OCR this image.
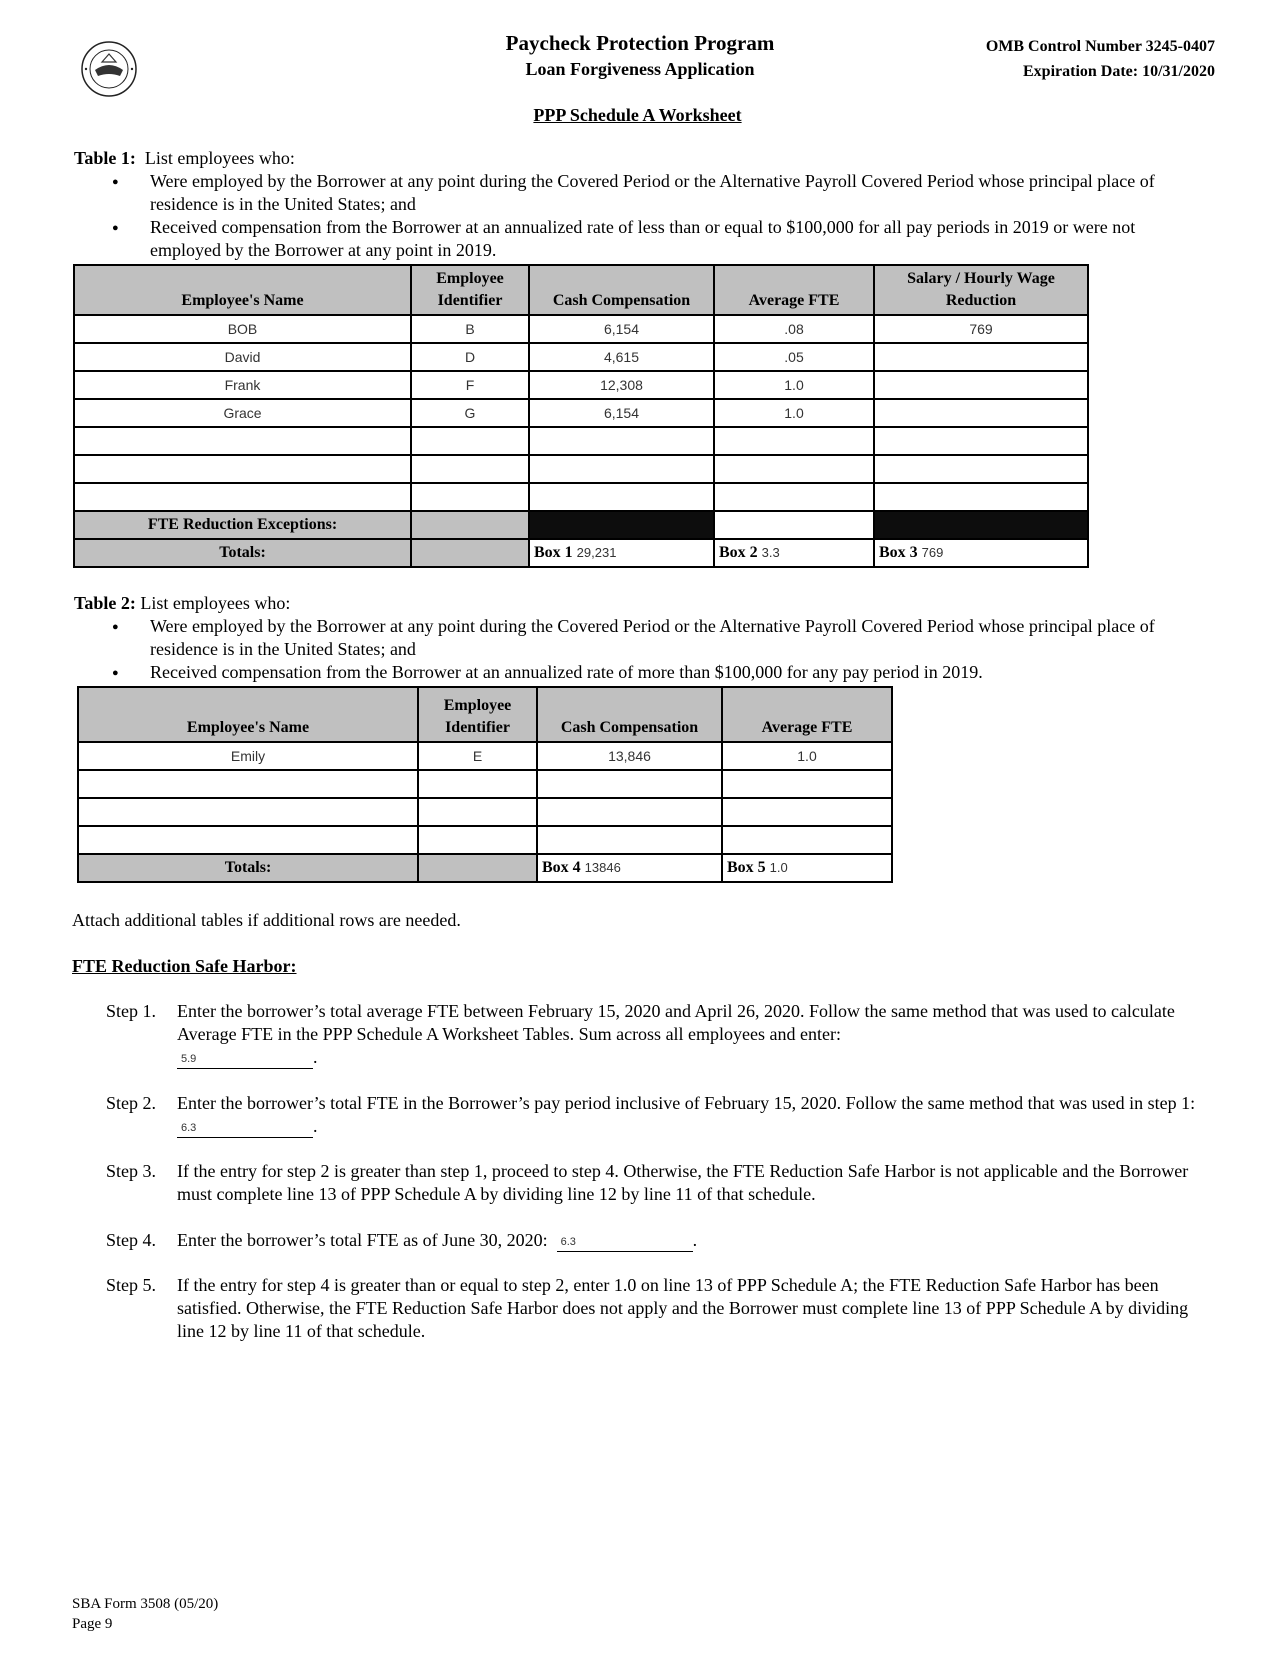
Paycheck Protection Program
Loan Forgiveness Application
OMB Control Number 3245-0407
Expiration Date: 10/31/2020
PPP Schedule A Worksheet
Table 1: List employees who:
● Were employed by the Borrower at any point during the Covered Period or the Alternative Payroll Covered Period whose principal place of residence is in the United States; and
● Received compensation from the Borrower at an annualized rate of less than or equal to $100,000 for all pay periods in 2019 or were not employed by the Borrower at any point in 2019.
Employee's Name	Employee Identifier	Cash Compensation	Average FTE	Salary / Hourly Wage Reduction
BOB	B	6,154	.08	769
David	D	4,615	.05	
Frank	F	12,308	1.0	
Grace	G	6,154	1.0	

FTE Reduction Exceptions:				
Totals:		Box 1 29,231	Box 2 3.3	Box 3 769
Table 2: List employees who:
● Were employed by the Borrower at any point during the Covered Period or the Alternative Payroll Covered Period whose principal place of residence is in the United States; and
● Received compensation from the Borrower at an annualized rate of more than $100,000 for any pay period in 2019.
Employee's Name	Employee Identifier	Cash Compensation	Average FTE
Emily	E	13,846	1.0

Totals:		Box 4 13846	Box 5 1.0
Attach additional tables if additional rows are needed.
FTE Reduction Safe Harbor:
Step 1.	Enter the borrower’s total average FTE between February 15, 2020 and April 26, 2020. Follow the same method that was used to calculate Average FTE in the PPP Schedule A Worksheet Tables. Sum across all employees and enter:

5.9	.
Step 2.	Enter the borrower’s total FTE in the Borrower’s pay period inclusive of February 15, 2020. Follow the same method that was used in step 1:
6.3	.
Step 3.	If the entry for step 2 is greater than step 1, proceed to step 4. Otherwise, the FTE Reduction Safe Harbor is not applicable and the Borrower must complete line 13 of PPP Schedule A by dividing line 12 by line 11 of that schedule.
Step 4.	Enter the borrower’s total FTE as of June 30, 2020: 6.3	.
Step 5.	If the entry for step 4 is greater than or equal to step 2, enter 1.0 on line 13 of PPP Schedule A; the FTE Reduction Safe Harbor has been satisfied. Otherwise, the FTE Reduction Safe Harbor does not apply and the Borrower must complete line 13 of PPP Schedule A by dividing line 12 by line 11 of that schedule.
SBA Form 3508 (05/20)
Page 9
